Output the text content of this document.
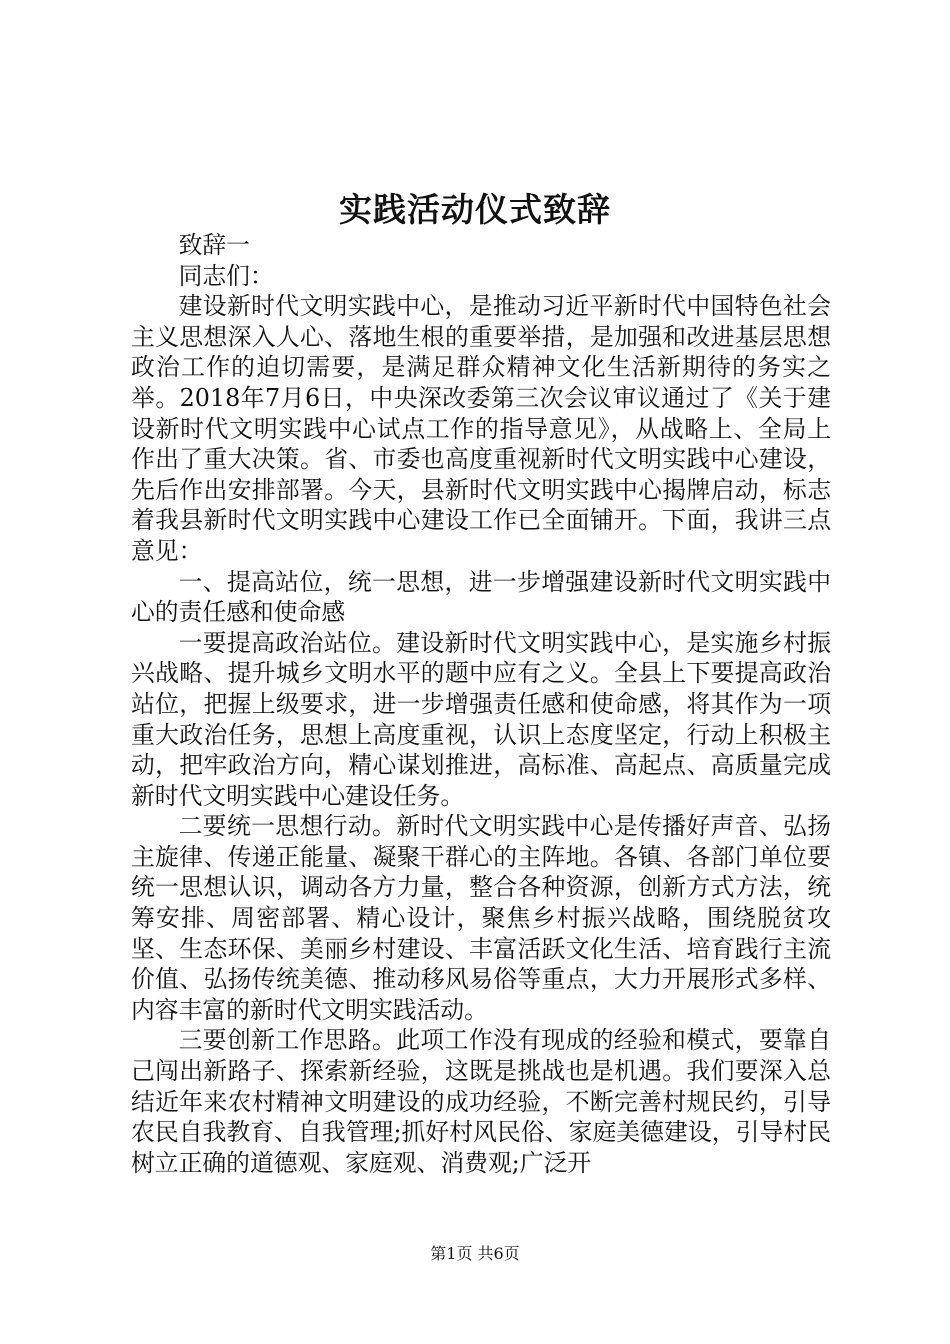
实践活动仪式致辞

致辞一

同志们：

建设新时代文明实践中心，是推动习近平新时代中国特色社会主义思想深入人心、落地生根的重要举措，是加强和改进基层思想政治工作的迫切需要，是满足群众精神文化生活新期待的务实之举。2018年7月6日，中央深改委第三次会议审议通过了《关于建设新时代文明实践中心试点工作的指导意见》，从战略上、全局上作出了重大决策。省、市委也高度重视新时代文明实践中心建设，先后作出安排部署。今天，县新时代文明实践中心揭牌启动，标志着我县新时代文明实践中心建设工作已全面铺开。下面，我讲三点意见：

一、提高站位，统一思想，进一步增强建设新时代文明实践中心的责任感和使命感

一要提高政治站位。建设新时代文明实践中心，是实施乡村振兴战略、提升城乡文明水平的题中应有之义。全县上下要提高政治站位，把握上级要求，进一步增强责任感和使命感，将其作为一项重大政治任务，思想上高度重视，认识上态度坚定，行动上积极主动，把牢政治方向，精心谋划推进，高标准、高起点、高质量完成新时代文明实践中心建设任务。

二要统一思想行动。新时代文明实践中心是传播好声音、弘扬主旋律、传递正能量、凝聚干群心的主阵地。各镇、各部门单位要统一思想认识，调动各方力量，整合各种资源，创新方式方法，统筹安排、周密部署、精心设计，聚焦乡村振兴战略，围绕脱贫攻坚、生态环保、美丽乡村建设、丰富活跃文化生活、培育践行主流价值、弘扬传统美德、推动移风易俗等重点，大力开展形式多样、内容丰富的新时代文明实践活动。

三要创新工作思路。此项工作没有现成的经验和模式，要靠自己闯出新路子、探索新经验，这既是挑战也是机遇。我们要深入总结近年来农村精神文明建设的成功经验，不断完善村规民约，引导农民自我教育、自我管理;抓好村风民俗、家庭美德建设，引导村民树立正确的道德观、家庭观、消费观;广泛开

第1页 共6页
